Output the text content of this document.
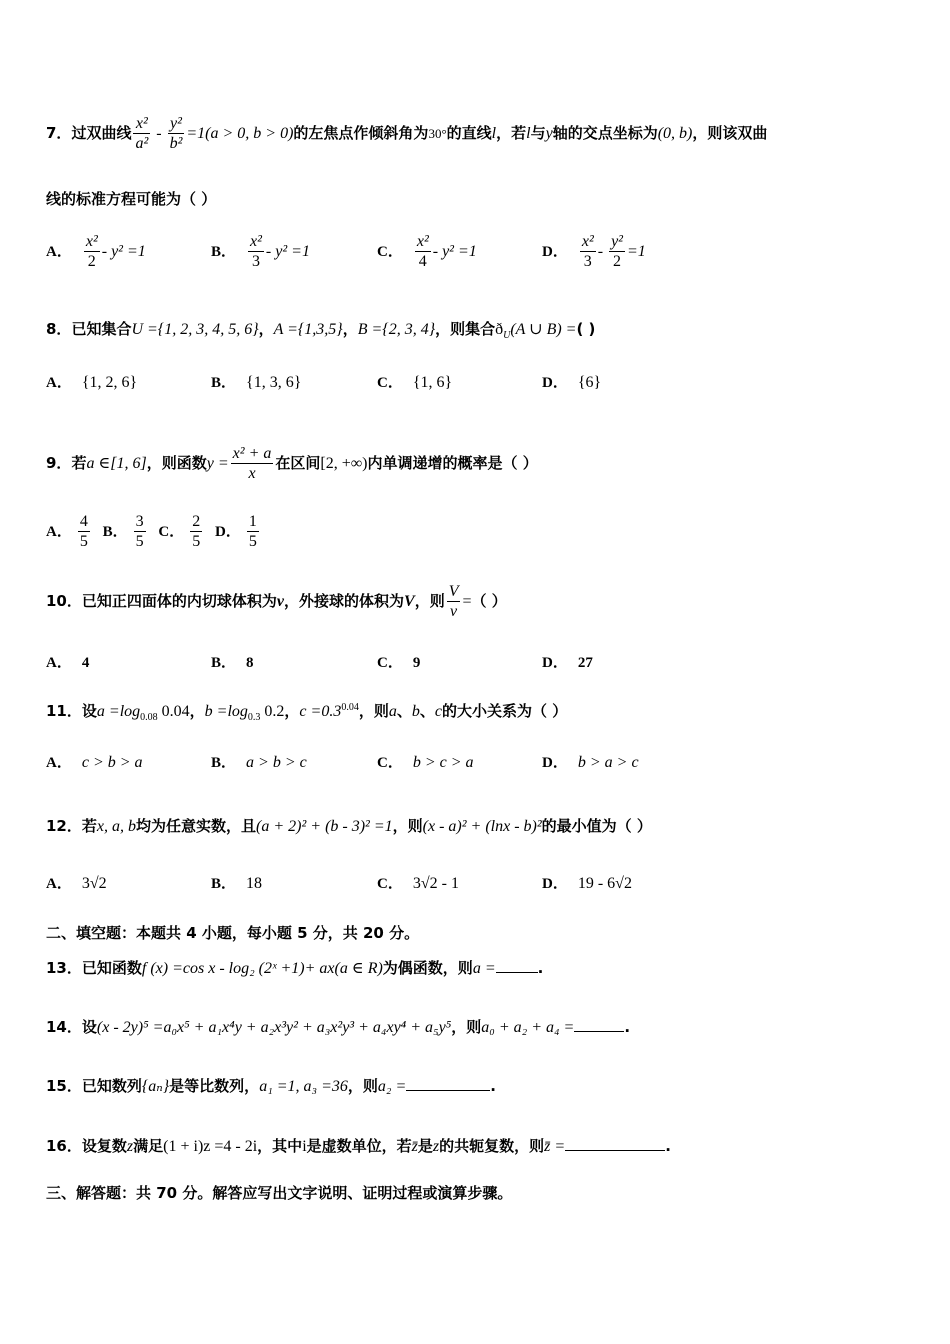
7．过双曲线 $\frac{\text{x²}}{\text{a²}} - \frac{\text{y²}}{\text{b²}} =1(a > 0$, b > 0)的左焦点作倾斜角为30°的直线l，若l与y轴的交点坐标为(0, b)，则该双曲
线的标准方程可能为（ ）
A． $\frac{\text{x²}}{2} - y^2 =1$	B． $\frac{\text{x²}}{3} - y^2 =1$	C． $\frac{\text{x²}}{4} - y^2 =1$	D． $\frac{\text{x²}}{3} - \frac{\text{y²}}{2} =1$
8．已知集合U ={1, 2, 3, 4, 5, 6}，A ={1,3,5}，B ={2, 3, 4}，则集合$ð_U(A$ ∪ B) =( )
A． {1, 2, 6}	B． {1, 3, 6}	C． {1, 6}	D． {6}
9．若a ∈[1, 6]，则函数$y = \frac{\text{x² + a}}{x}$ 在区间[2, +∞)内单调递增的概率是（ ）
A． $\frac{4}{5}$ B． $\frac{3}{5}$ C． $\frac{2}{5}$ D． $\frac{1}{5}$
10．已知正四面体的内切球体积为v，外接球的体积为V，则 $\frac{V}{v}$ =（ ）
A． 4	B． 8	C． 9	D． 27
11．设$a =\log_{0.08}$ 0.04，$b =\log_{0.3}$ 0.2，$c =0.3^{0.04}$，则a、b、c的大小关系为（ ）
A． c > b > a	B． a > b > c	C． b > c > a	D． b > a > c
12．若x, a, b均为任意实数，且(a + 2)² + (b - 3)² =1，则(x - a)² + (lnx - b)²的最小值为（ ）
A． 3√2	B． 18	C． 3√2 - 1	D． 19 - 6√2
二、填空题：本题共 4 小题，每小题 5 分，共 20 分。
13．已知函数f (x) =cos x - log₂ (2ˣ +1)+ ax(a ∈ R)为偶函数，则a =	.
14．设(x - 2y)⁵ =a₀x⁵ + a₁x⁴y + a₂x³y² + a₃x²y³ + a₄xy⁴ + a₅y⁵，则a₀ + a₂ + a₄ =	.
15．已知数列{aₙ}是等比数列，a₁ =1, a₃ =36，则a₂ =	.
16．设复数z满足(1 + i)z =4 - 2i，其中i是虚数单位，若z̄是z的共轭复数，则z̄ =	.
三、解答题：共 70 分。解答应写出文字说明、证明过程或演算步骤。
